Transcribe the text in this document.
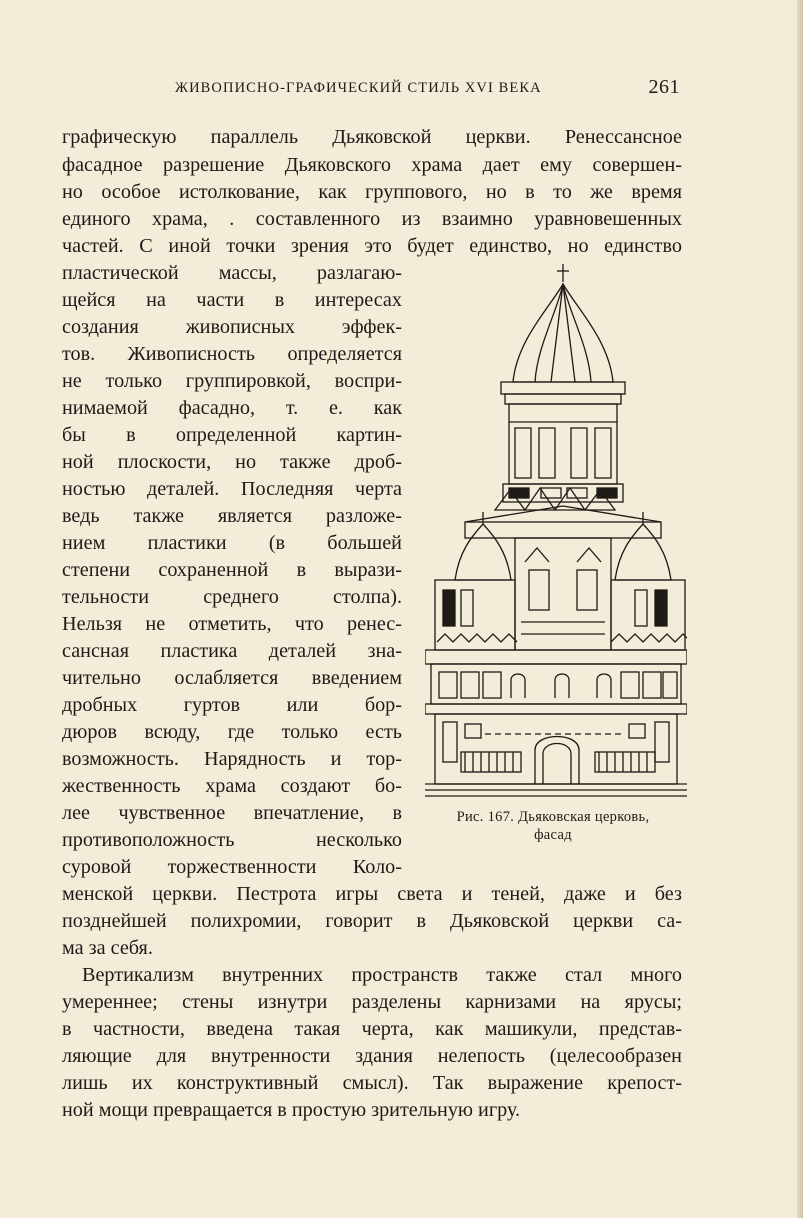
ЖИВОПИСНО-ГРАФИЧЕСКИЙ СТИЛЬ XVI ВЕКА	261
графическую параллель Дьяковской церкви. Ренессансное
фасадное разрешение Дьяковского храма дает ему совершен-
но особое истолкование, как группового, но в то же время
единого храма, . составленного из взаимно уравновешенных
частей. С иной точки зрения это будет единство, но единство
пластической массы, разлагаю-
щейся на части в интересах
создания живописных эффек-
тов. Живописность определяется
не только группировкой, воспри-
нимаемой фасадно, т. е. как
бы в определенной картин-
ной плоскости, но также дроб-
ностью деталей. Последняя черта
ведь также является разложе-
нием пластики (в большей
степени сохраненной в вырази-
тельности среднего столпа).
Нельзя не отметить, что ренес-
сансная пластика деталей зна-
чительно ослабляется введением
дробных гуртов или бор-
дюров всюду, где только есть
возможность. Нарядность и тор-
жественность храма создают бо-
лее чувственное впечатление, в
противоположность несколько
суровой торжественности Коло-
менской церкви. Пестрота игры света и теней, даже и без
позднейшей полихромии, говорит в Дьяковской церкви са-
ма за себя.
Вертикализм внутренних пространств также стал много
умереннее; стены изнутри разделены карнизами на ярусы;
в частности, введена такая черта, как машикули, представ-
ляющие для внутренности здания нелепость (целесообразен
лишь их конструктивный смысл). Так выражение крепост-
ной мощи превращается в простую зрительную игру.
Рис. 167. Дьяковская церковь,
фасад
